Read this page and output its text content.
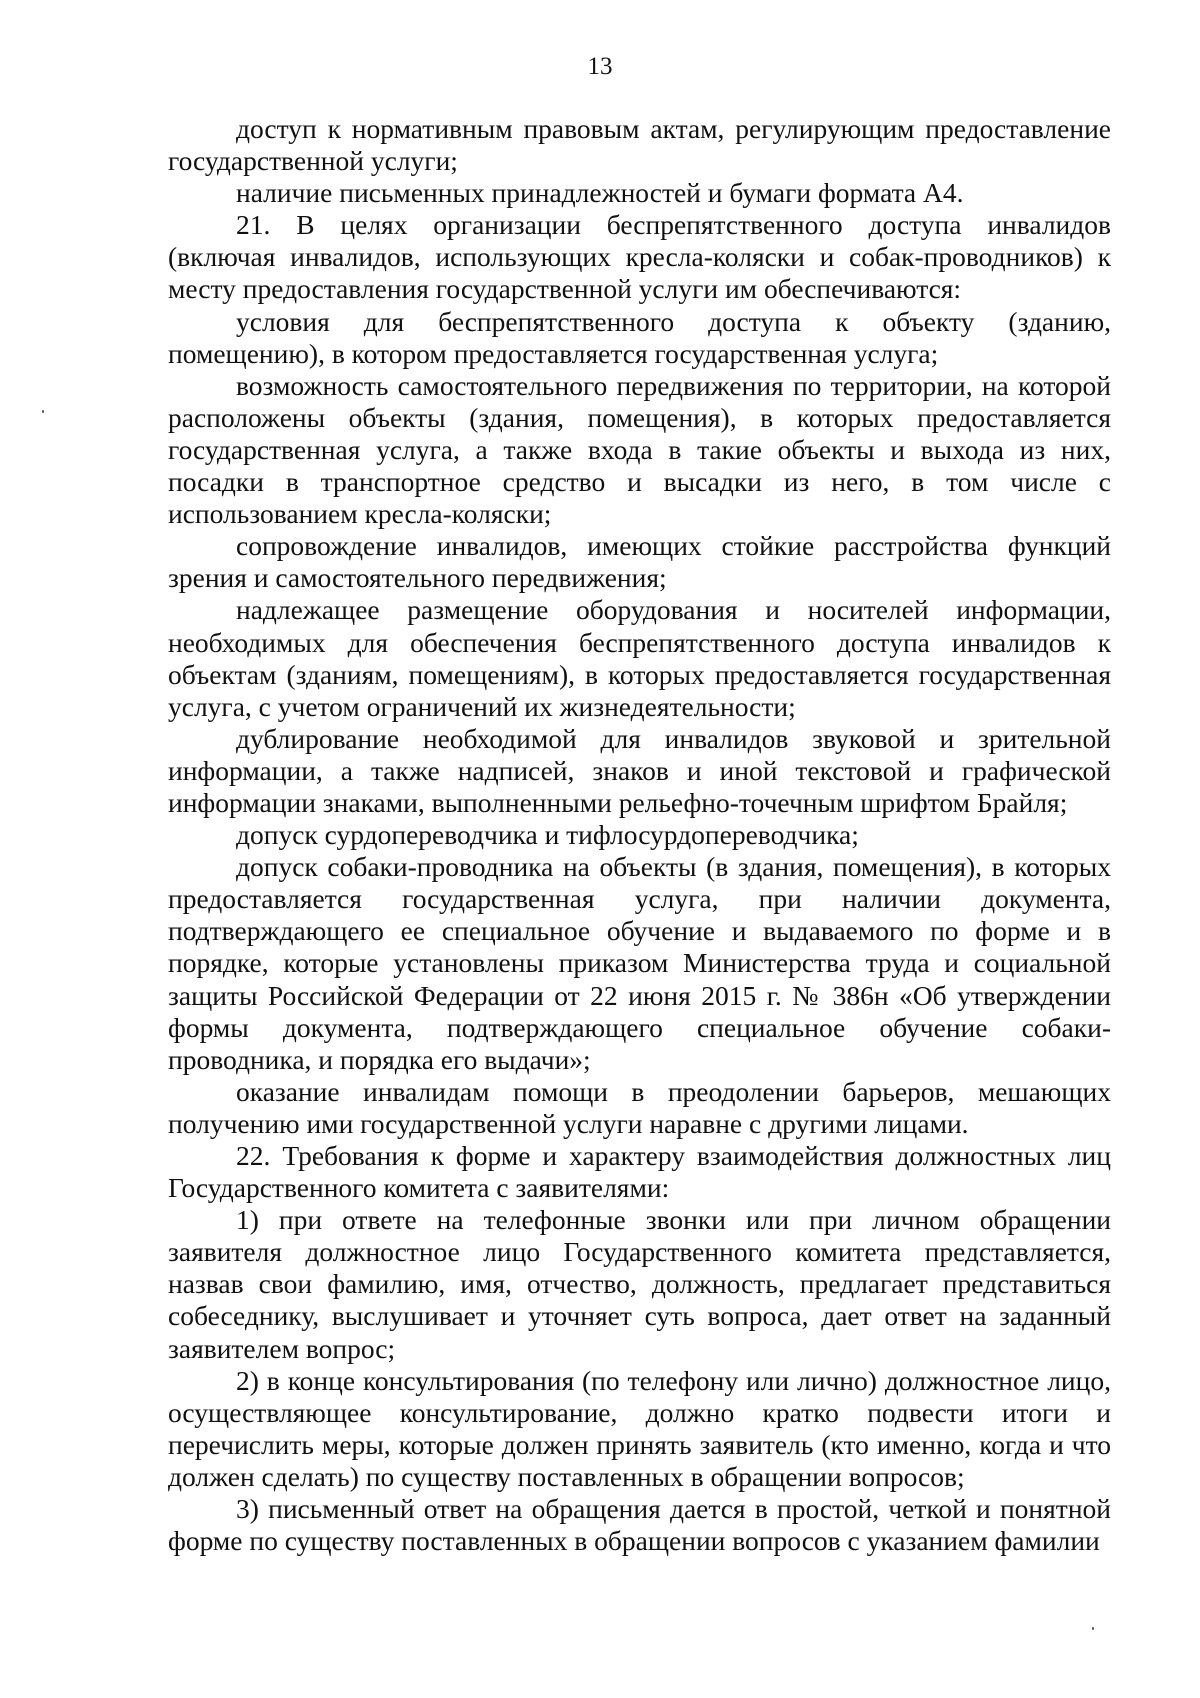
13

доступ к нормативным правовым актам, регулирующим предоставление государственной услуги;

наличие письменных принадлежностей и бумаги формата А4.

21. В целях организации беспрепятственного доступа инвалидов (включая инвалидов, использующих кресла-коляски и собак-проводников) к месту предоставления государственной услуги им обеспечиваются:

условия для беспрепятственного доступа к объекту (зданию, помещению), в котором предоставляется государственная услуга;

возможность самостоятельного передвижения по территории, на которой расположены объекты (здания, помещения), в которых предоставляется государственная услуга, а также входа в такие объекты и выхода из них, посадки в транспортное средство и высадки из него, в том числе с использованием кресла-коляски;

сопровождение инвалидов, имеющих стойкие расстройства функций зрения и самостоятельного передвижения;

надлежащее размещение оборудования и носителей информации, необходимых для обеспечения беспрепятственного доступа инвалидов к объектам (зданиям, помещениям), в которых предоставляется государственная услуга, с учетом ограничений их жизнедеятельности;

дублирование необходимой для инвалидов звуковой и зрительной информации, а также надписей, знаков и иной текстовой и графической информации знаками, выполненными рельефно-точечным шрифтом Брайля;

допуск сурдопереводчика и тифлосурдопереводчика;

допуск собаки-проводника на объекты (в здания, помещения), в которых предоставляется государственная услуга, при наличии документа, подтверждающего ее специальное обучение и выдаваемого по форме и в порядке, которые установлены приказом Министерства труда и социальной защиты Российской Федерации от 22 июня 2015 г. № 386н «Об утверждении формы документа, подтверждающего специальное обучение собаки-проводника, и порядка его выдачи»;

оказание инвалидам помощи в преодолении барьеров, мешающих получению ими государственной услуги наравне с другими лицами.

22. Требования к форме и характеру взаимодействия должностных лиц Государственного комитета с заявителями:

1) при ответе на телефонные звонки или при личном обращении заявителя должностное лицо Государственного комитета представляется, назвав свои фамилию, имя, отчество, должность, предлагает представиться собеседнику, выслушивает и уточняет суть вопроса, дает ответ на заданный заявителем вопрос;

2) в конце консультирования (по телефону или лично) должностное лицо, осуществляющее консультирование, должно кратко подвести итоги и перечислить меры, которые должен принять заявитель (кто именно, когда и что должен сделать) по существу поставленных в обращении вопросов;

3) письменный ответ на обращения дается в простой, четкой и понятной форме по существу поставленных в обращении вопросов с указанием фамилии
